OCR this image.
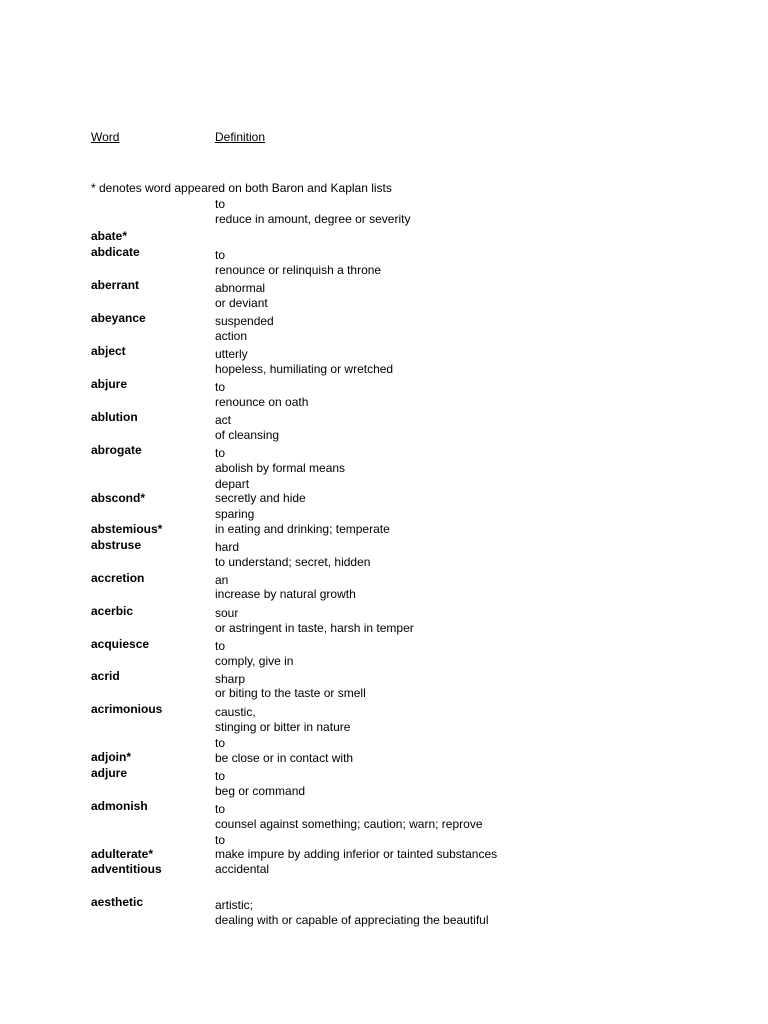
Word	Definition
* denotes word appeared on both Baron and Kaplan lists
abate*
abdicate
aberrant
abeyance
abject
abjure
ablution
abrogate
abscond*
abstemious*
abstruse
accretion
acerbic
acquiesce
acrid
acrimonious
adjoin*
adjure
admonish
adulterate*
adventitious
aesthetic
to
reduce in amount, degree or severity
to
renounce or relinquish a throne
abnormal
or deviant
suspended
action
utterly
hopeless, humiliating or wretched
to
renounce on oath
act
of cleansing
to
abolish by formal means
depart
secretly and hide
sparing
in eating and drinking; temperate
hard
to understand; secret, hidden
an
increase by natural growth
sour
or astringent in taste, harsh in temper
to
comply, give in
sharp
or biting to the taste or smell
caustic,
stinging or bitter in nature
to
be close or in contact with
to
beg or command
to
counsel against something; caution; warn; reprove
to
make impure by adding inferior or tainted substances
accidental
artistic;
dealing with or capable of appreciating the beautiful
